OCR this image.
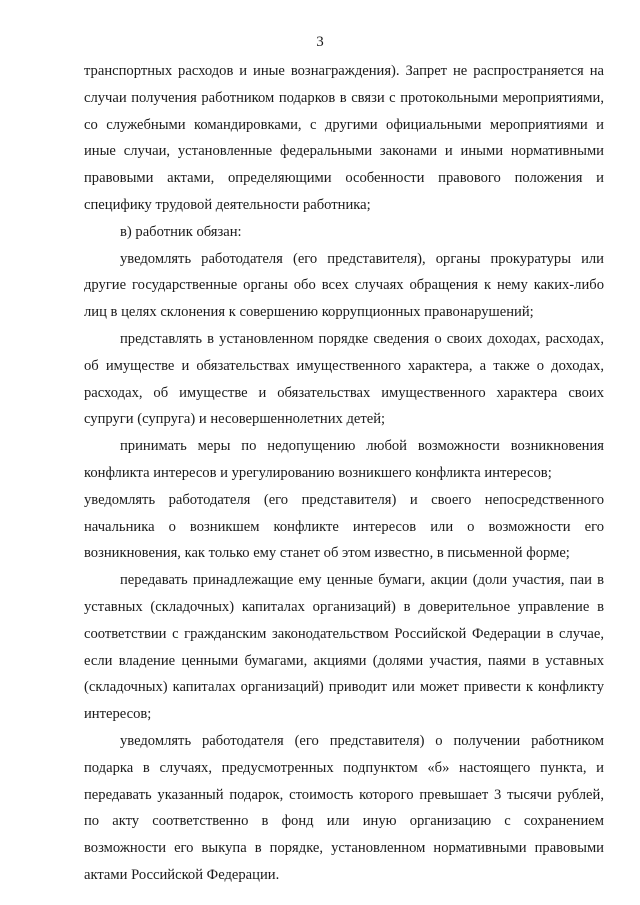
3

транспортных расходов и иные вознаграждения). Запрет не распространяется на случаи получения работником подарков в связи с протокольными мероприятиями, со служебными командировками, с другими официальными мероприятиями и иные случаи, установленные федеральными законами и иными нормативными правовыми актами, определяющими особенности правового положения и специфику трудовой деятельности работника;

в) работник обязан:

уведомлять работодателя (его представителя), органы прокуратуры или другие государственные органы обо всех случаях обращения к нему каких-либо лиц в целях склонения к совершению коррупционных правонарушений;

представлять в установленном порядке сведения о своих доходах, расходах, об имуществе и обязательствах имущественного характера, а также о доходах, расходах, об имуществе и обязательствах имущественного характера своих супруги (супруга) и несовершеннолетних детей;

принимать меры по недопущению любой возможности возникновения конфликта интересов и урегулированию возникшего конфликта интересов;

уведомлять работодателя (его представителя) и своего непосредственного начальника о возникшем конфликте интересов или о возможности его возникновения, как только ему станет об этом известно, в письменной форме;

передавать принадлежащие ему ценные бумаги, акции (доли участия, паи в уставных (складочных) капиталах организаций) в доверительное управление в соответствии с гражданским законодательством Российской Федерации в случае, если владение ценными бумагами, акциями (долями участия, паями в уставных (складочных) капиталах организаций) приводит или может привести к конфликту интересов;

уведомлять работодателя (его представителя) о получении работником подарка в случаях, предусмотренных подпунктом «б» настоящего пункта, и передавать указанный подарок, стоимость которого превышает 3 тысячи рублей, по акту соответственно в фонд или иную организацию с сохранением возможности его выкупа в порядке, установленном нормативными правовыми актами Российской Федерации.
